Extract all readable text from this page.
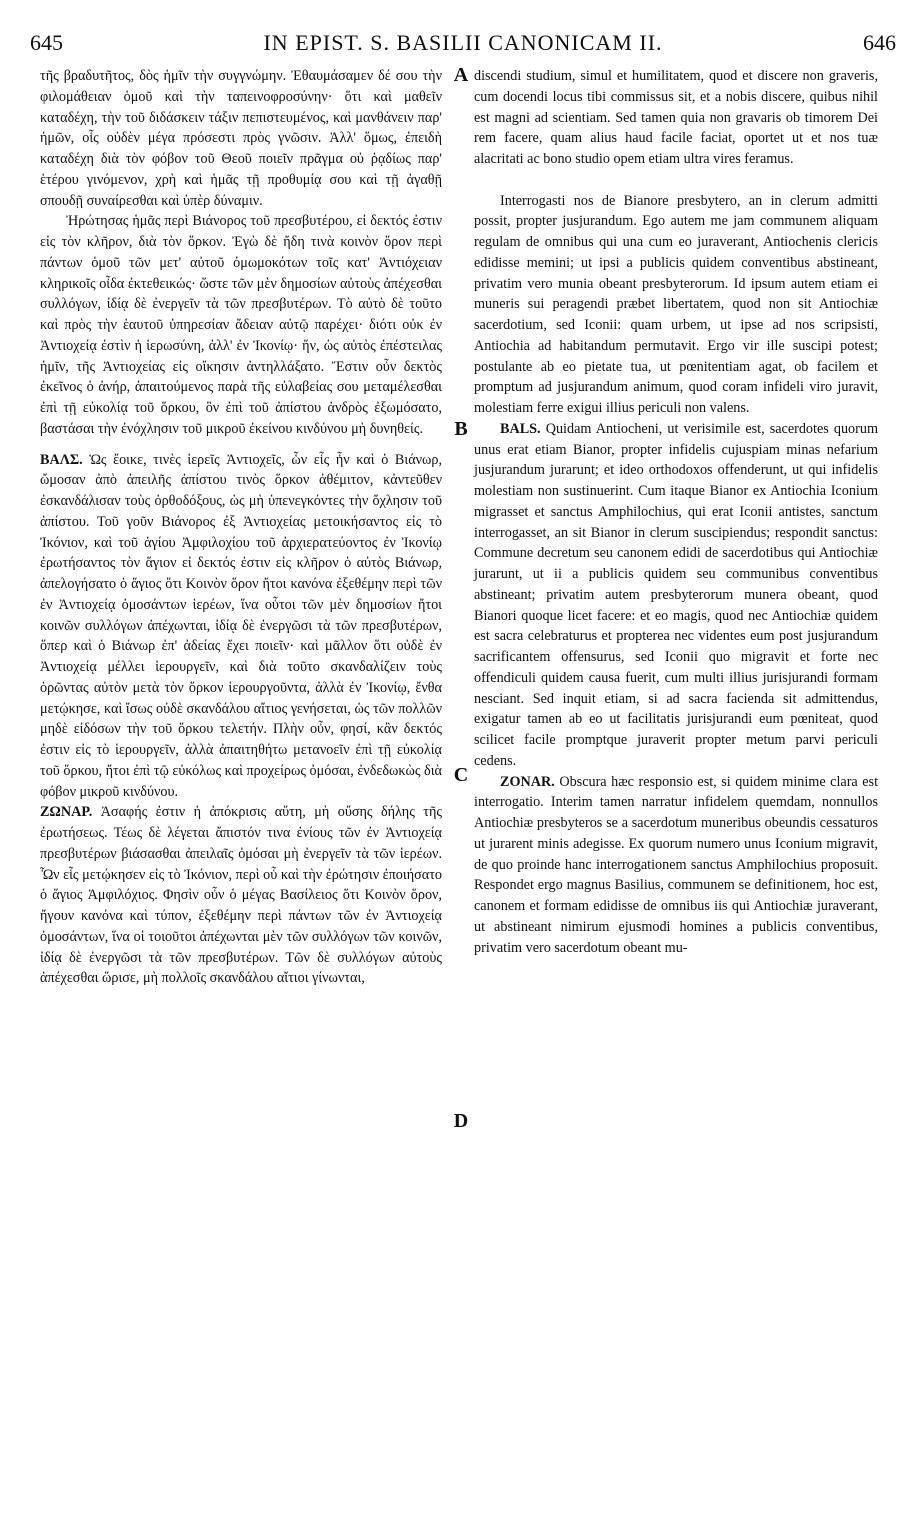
645	IN EPIST. S. BASILII CANONICAM II.	646

τῆς βραδυτῆτος, δὸς ἡμῖν τὴν συγγνώμην. Ἐθαυμάσαμεν δέ σου τὴν φιλομάθειαν ὁμοῦ καὶ τὴν ταπεινοφροσύνην· ὅτι καὶ μαθεῖν καταδέχη, τὴν τοῦ διδάσκειν τάξιν πεπιστευμένος, καὶ μανθάνειν παρ' ἡμῶν, οἷς οὐδὲν μέγα πρόσεστι πρὸς γνῶσιν. Ἀλλ' ὅμως, ἐπειδὴ καταδέχη διὰ τὸν φόβον τοῦ Θεοῦ ποιεῖν πρᾶγμα οὐ ῥᾳδίως παρ' ἑτέρου γινόμενον, χρὴ καὶ ἡμᾶς τῇ προθυμίᾳ σου καὶ τῇ ἀγαθῇ σπουδῇ συναίρεσθαι καὶ ὑπὲρ δύναμιν.

Ἠρώτησας ἡμᾶς περὶ Βιάνορος τοῦ πρεσβυτέρου, εἰ δεκτός ἐστιν εἰς τὸν κλῆρον, διὰ τὸν ὅρκον. Ἐγὼ δὲ ἤδη τινὰ κοινὸν ὅρον περὶ πάντων ὁμοῦ τῶν μετ' αὐτοῦ ὀμωμοκότων τοῖς κατ' Ἀντιόχειαν κληρικοῖς οἶδα ἐκτεθεικώς· ὥστε τῶν μὲν δημοσίων αὐτοὺς ἀπέχεσθαι συλλόγων, ἰδίᾳ δὲ ἐνεργεῖν τὰ τῶν πρεσβυτέρων. Τὸ αὐτὸ δὲ τοῦτο καὶ πρὸς τὴν ἑαυτοῦ ὑπηρεσίαν ἄδειαν αὐτῷ παρέχει· διότι οὐκ ἐν Ἀντιοχείᾳ ἐστὶν ἡ ἱερωσύνη, ἀλλ' ἐν Ἰκονίῳ· ἥν, ὡς αὐτὸς ἐπέστειλας ἡμῖν, τῆς Ἀντιοχείας εἰς οἴκησιν ἀντηλλάξατο. Ἔστιν οὖν δεκτὸς ἐκεῖνος ὁ ἀνήρ, ἀπαιτούμενος παρὰ τῆς εὐλαβείας σου μεταμέλεσθαι ἐπὶ τῇ εὐκολίᾳ τοῦ ὅρκου, ὃν ἐπὶ τοῦ ἀπίστου ἀνδρὸς ἐξωμόσατο, βαστάσαι τὴν ἐνόχλησιν τοῦ μικροῦ ἐκείνου κινδύνου μὴ δυνηθείς.

ΒΑΛΣ. Ὡς ἔοικε, τινὲς ἱερεῖς Ἀντιοχεῖς, ὧν εἷς ἦν καὶ ὁ Βιάνωρ, ὤμοσαν ἀπὸ ἀπειλῆς ἀπίστου τινὸς ὅρκον ἀθέμιτον, κἀντεῦθεν ἐσκανδάλισαν τοὺς ὀρθοδόξους, ὡς μὴ ὑπενεγκόντες τὴν ὄχλησιν τοῦ ἀπίστου. Τοῦ γοῦν Βιάνορος ἐξ Ἀντιοχείας μετοικήσαντος εἰς τὸ Ἰκόνιον, καὶ τοῦ ἁγίου Ἀμφιλοχίου τοῦ ἀρχιερατεύοντος ἐν Ἰκονίῳ ἐρωτήσαντος τὸν ἅγιον εἰ δεκτός ἐστιν εἰς κλῆρον ὁ αὐτὸς Βιάνωρ, ἀπελογήσατο ὁ ἅγιος ὅτι Κοινὸν ὅρον ἤτοι κανόνα ἐξεθέμην περὶ τῶν ἐν Ἀντιοχείᾳ ὀμοσάντων ἱερέων, ἵνα οὗτοι τῶν μὲν δημοσίων ἤτοι κοινῶν συλλόγων ἀπέχωνται, ἰδίᾳ δὲ ἐνεργῶσι τὰ τῶν πρεσβυτέρων, ὅπερ καὶ ὁ Βιάνωρ ἐπ' ἀδείας ἔχει ποιεῖν· καὶ μᾶλλον ὅτι οὐδὲ ἐν Ἀντιοχείᾳ μέλλει ἱερουργεῖν, καὶ διὰ τοῦτο σκανδαλίζειν τοὺς ὁρῶντας αὐτὸν μετὰ τὸν ὅρκον ἱερουργοῦντα, ἀλλὰ ἐν Ἰκονίῳ, ἔνθα μετῴκησε, καὶ ἴσως οὐδὲ σκανδάλου αἴτιος γενήσεται, ὡς τῶν πολλῶν μηδὲ εἰδόσων τὴν τοῦ ὅρκου τελετήν. Πλὴν οὖν, φησί, κἂν δεκτός ἐστιν εἰς τὸ ἱερουργεῖν, ἀλλὰ ἀπαιτηθήτω μετανοεῖν ἐπὶ τῇ εὐκολίᾳ τοῦ ὅρκου, ἤτοι ἐπὶ τῷ εὐκόλως καὶ προχείρως ὀμόσαι, ἐνδεδωκὼς διὰ φόβον μικροῦ κινδύνου.

ΖΩΝΑΡ. Ἀσαφής ἐστιν ἡ ἀπόκρισις αὕτη, μὴ οὔσης δήλης τῆς ἐρωτήσεως. Τέως δὲ λέγεται ἄπιστόν τινα ἐνίους τῶν ἐν Ἀντιοχείᾳ πρεσβυτέρων βιάσασθαι ἀπειλαῖς ὀμόσαι μὴ ἐνεργεῖν τὰ τῶν ἱερέων. Ὧν εἷς μετῴκησεν εἰς τὸ Ἰκόνιον, περὶ οὗ καὶ τὴν ἐρώτησιν ἐποιήσατο ὁ ἅγιος Ἀμφιλόχιος. Φησὶν οὖν ὁ μέγας Βασίλειος ὅτι Κοινὸν ὅρον, ἤγουν κανόνα καὶ τύπον, ἐξεθέμην περὶ πάντων τῶν ἐν Ἀντιοχείᾳ ὀμοσάντων, ἵνα οἱ τοιοῦτοι ἀπέχωνται μὲν τῶν συλλόγων τῶν κοινῶν, ἰδίᾳ δὲ ἐνεργῶσι τὰ τῶν πρεσβυτέρων. Τῶν δὲ συλλόγων αὐτοὺς ἀπέχεσθαι ὥρισε, μὴ πολλοῖς σκανδάλου αἴτιοι γίνωνται,

A
B
C
D

discendi studium, simul et humilitatem, quod et discere non graveris, cum docendi locus tibi commissus sit, et a nobis discere, quibus nihil est magni ad scientiam. Sed tamen quia non gravaris ob timorem Dei rem facere, quam alius haud facile faciat, oportet ut et nos tuæ alacritati ac bono studio opem etiam ultra vires feramus.

Interrogasti nos de Bianore presbytero, an in clerum admitti possit, propter jusjurandum. Ego autem me jam communem aliquam regulam de omnibus qui una cum eo juraverant, Antiochenis clericis edidisse memini; ut ipsi a publicis quidem conventibus abstineant, privatim vero munia obeant presbyterorum. Id ipsum autem etiam ei muneris sui peragendi præbet libertatem, quod non sit Antiochiæ sacerdotium, sed Iconii: quam urbem, ut ipse ad nos scripsisti, Antiochia ad habitandum permutavit. Ergo vir ille suscipi potest; postulante ab eo pietate tua, ut pœnitentiam agat, ob facilem et promptum ad jusjurandum animum, quod coram infideli viro juravit, molestiam ferre exigui illius periculi non valens.

BALS. Quidam Antiocheni, ut verisimile est, sacerdotes quorum unus erat etiam Bianor, propter infidelis cujuspiam minas nefarium jusjurandum jurarunt; et ideo orthodoxos offenderunt, ut qui infidelis molestiam non sustinuerint. Cum itaque Bianor ex Antiochia Iconium migrasset et sanctus Amphilochius, qui erat Iconii antistes, sanctum interrogasset, an sit Bianor in clerum suscipiendus; respondit sanctus: Commune decretum seu canonem edidi de sacerdotibus qui Antiochiæ jurarunt, ut ii a publicis quidem seu communibus conventibus abstineant; privatim autem presbyterorum munera obeant, quod Bianori quoque licet facere: et eo magis, quod nec Antiochiæ quidem est sacra celebraturus et propterea nec videntes eum post jusjurandum sacrificantem offensurus, sed Iconii quo migravit et forte nec offendiculi quidem causa fuerit, cum multi illius jurisjurandi formam nesciant. Sed inquit etiam, si ad sacra facienda sit admittendus, exigatur tamen ab eo ut facilitatis jurisjurandi eum pœniteat, quod scilicet facile promptque juraverit propter metum parvi periculi cedens.

ZONAR. Obscura hæc responsio est, si quidem minime clara est interrogatio. Interim tamen narratur infidelem quemdam, nonnullos Antiochiæ presbyteros se a sacerdotum muneribus obeundis cessaturos ut jurarent minis adegisse. Ex quorum numero unus Iconium migravit, de quo proinde hanc interrogationem sanctus Amphilochius proposuit. Respondet ergo magnus Basilius, communem se definitionem, hoc est, canonem et formam edidisse de omnibus iis qui Antiochiæ juraverant, ut abstineant nimirum ejusmodi homines a publicis conventibus, privatim vero sacerdotum obeant mu-
